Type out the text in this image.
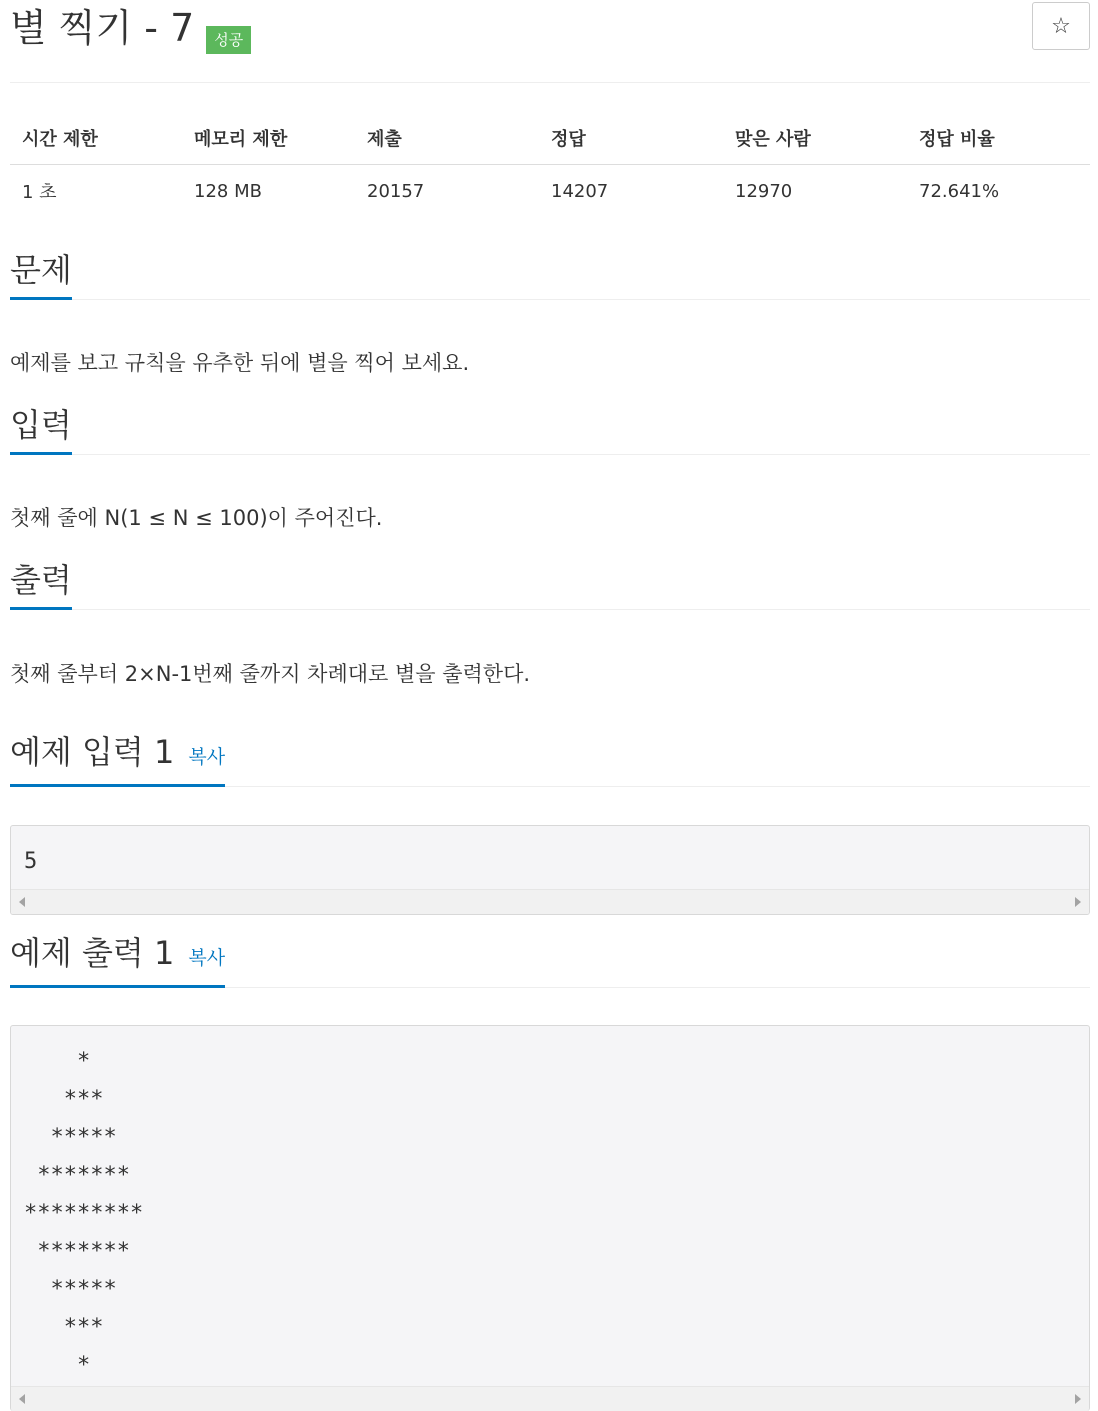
별 찍기 - 7	성공
☆
시간 제한	메모리 제한	제출	정답	맞은 사람	정답 비율
1 초	128 MB	20157	14207	12970	72.641%
문제
예제를 보고 규칙을 유추한 뒤에 별을 찍어 보세요.
입력
첫째 줄에 N(1 ≤ N ≤ 100)이 주어진다.
출력
첫째 줄부터 2×N-1번째 줄까지 차례대로 별을 출력한다.
예제 입력 1 복사
5
예제 출력 1 복사
*
***
*****
*******
*********
*******
*****
***
*
